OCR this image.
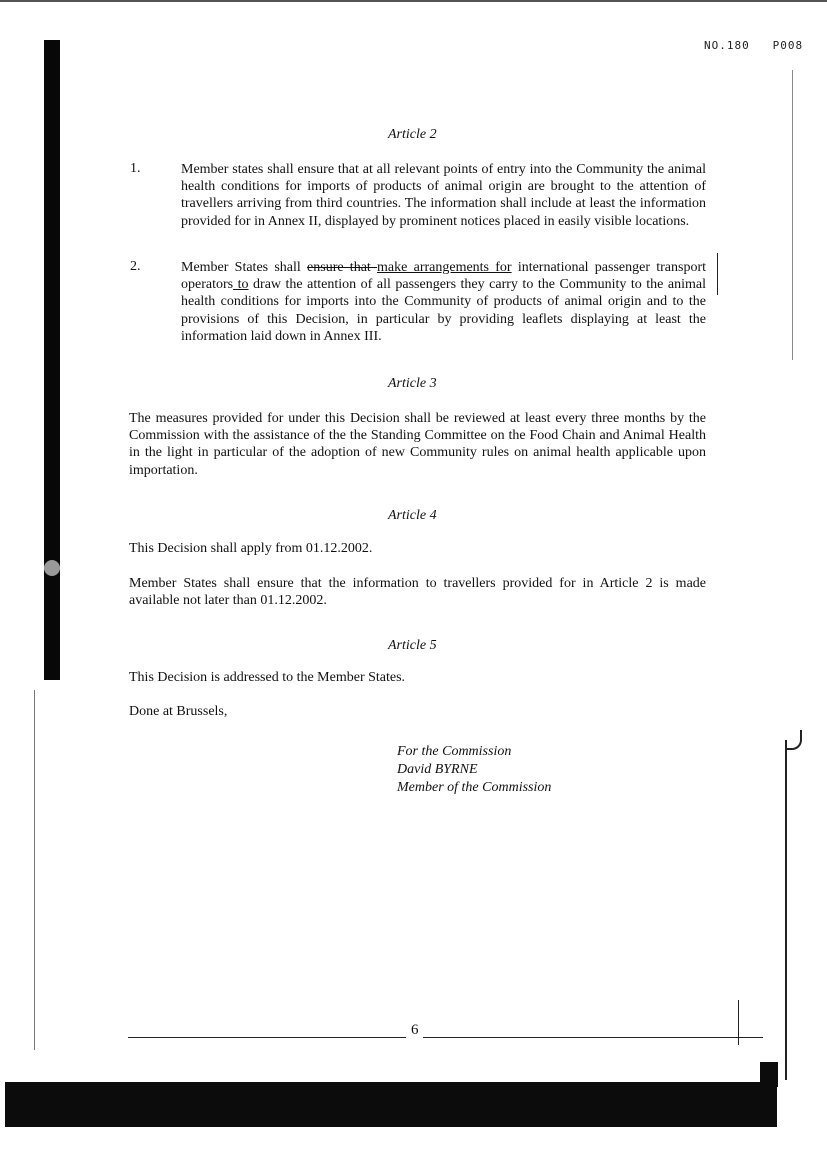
NO.180 P008
Article 2
1.	Member states shall ensure that at all relevant points of entry into the Community the animal health conditions for imports of products of animal origin are brought to the attention of travellers arriving from third countries. The information shall include at least the information provided for in Annex II, displayed by prominent notices placed in easily visible locations.
2.	Member States shall ensure that make arrangements for international passenger transport operators to draw the attention of all passengers they carry to the Community to the animal health conditions for imports into the Community of products of animal origin and to the provisions of this Decision, in particular by providing leaflets displaying at least the information laid down in Annex III.
Article 3
The measures provided for under this Decision shall be reviewed at least every three months by the Commission with the assistance of the the Standing Committee on the Food Chain and Animal Health in the light in particular of the adoption of new Community rules on animal health applicable upon importation.
Article 4
This Decision shall apply from 01.12.2002.
Member States shall ensure that the information to travellers provided for in Article 2 is made available not later than 01.12.2002.
Article 5
This Decision is addressed to the Member States.
Done at Brussels,
For the Commission
David BYRNE
Member of the Commission
6
